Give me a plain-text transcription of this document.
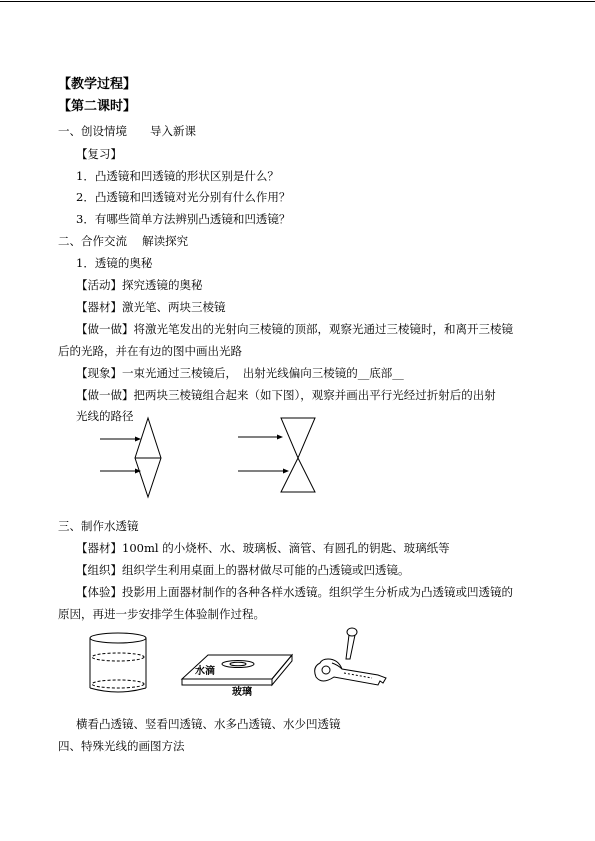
【教学过程】
【第二课时】
一、创设情境　　导入新课
【复习】
1．凸透镜和凹透镜的形状区别是什么？
2．凸透镜和凹透镜对光分别有什么作用？
3．有哪些简单方法辨别凸透镜和凹透镜？
二、合作交流　 解读探究
1．透镜的奥秘
【活动】探究透镜的奥秘
【器材】激光笔、两块三棱镜
【做一做】将激光笔发出的光射向三棱镜的顶部，观察光通过三棱镜时，和离开三棱镜
后的光路，并在有边的图中画出光路
【现象】一束光通过三棱镜后，　出射光线偏向三棱镜的__底部__
【做一做】把两块三棱镜组合起来（如下图），观察并画出平行光经过折射后的出射
光线的路径
三、制作水透镜
【器材】100ml 的小烧杯、水、玻璃板、滴管、有圆孔的钥匙、玻璃纸等
【组织】组织学生利用桌面上的器材做尽可能的凸透镜或凹透镜。
【体验】投影用上面器材制作的各种各样水透镜。组织学生分析成为凸透镜或凹透镜的
原因，再进一步安排学生体验制作过程。
水滴
玻璃
横看凸透镜、竖看凹透镜、水多凸透镜、水少凹透镜
四、特殊光线的画图方法
